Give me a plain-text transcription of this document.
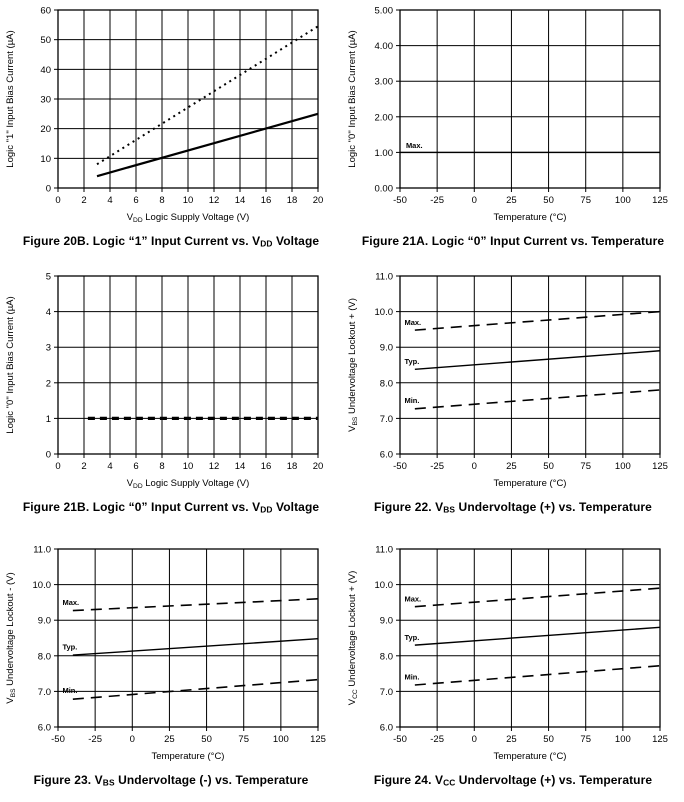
0 2 4 6 8 10 12 14 16 18 20
0
10
20
30
40
50
60
$V_{DD}$ Logic Supply Voltage (V)
Logic "1" Input Bias Current (µA)
Figure 20B. Logic “1” Input Current vs. $V_{DD}$ Voltage
-50 -25	0	25	50	75	100 125
0.00
1.00
2.00
3.00
4.00
5.00
Temperature (°C)
Logic "0" Input Bias Current (µA)	Max.
Figure 21A. Logic “0” Input Current vs. Temperature
0 2 4 6 8 10 12 14 16 18 20
0
1
2
3
4
5
$V_{DD}$ Logic Supply Voltage (V)
Logic "0" Input Bias Current (µA)
Figure 21B. Logic “0” Input Current vs. $V_{DD}$ Voltage
-50 -25	0	25	50	75	100 125
6.0
7.0
8.0
9.0
10.0
11.0
Temperature (°C)
$V_{BS}$ Undervoltage Lockout + (V)	Max.
Typ.
Min.
Figure 22. $V_{BS}$ Undervoltage (+) vs. Temperature
-50 -25	0	25	50	75	100 125
6.0
7.0
8.0
9.0
10.0
11.0
Temperature (°C)
$V_{BS}$ Undervoltage Lockout - (V)	Max.
Typ.
Min.
Figure 23. $V_{BS}$ Undervoltage (-) vs. Temperature
-50 -25	0	25	50	75	100 125
6.0
7.0
8.0
9.0
10.0
11.0
Temperature (°C)
$V_{CC}$ Undervoltage Lockout + (V)	Max.
Typ.
Min.
Figure 24. $V_{CC}$ Undervoltage (+) vs. Temperature
